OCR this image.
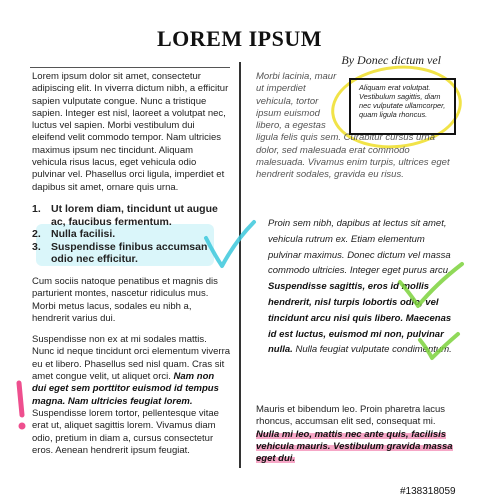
LOREM IPSUM
By Donec dictum vel

Lorem ipsum dolor sit amet, consectetur adipiscing elit. In viverra dictum nibh, a efficitur sapien vulputate congue. Nunc a tristique sapien. Integer est nisl, laoreet a volutpat nec, luctus vel sapien. Morbi vestibulum dui eleifend velit commodo tempor. Nam ultricies maximus ipsum nec tincidunt. Aliquam vehicula risus lacus, eget vehicula odio pulvinar vel. Phasellus orci ligula, imperdiet et dapibus sit amet, ornare quis urna.

1. Ut lorem diam, tincidunt ut augue ac, faucibus fermentum.
2. Nulla facilisi.
3. Suspendisse finibus accumsan odio nec efficitur.

Cum sociis natoque penatibus et magnis dis parturient montes, nascetur ridiculus mus. Morbi metus lacus, sodales eu nibh a, hendrerit varius dui.

Suspendisse non ex at mi sodales mattis. Nunc id neque tincidunt orci elementum viverra eu et libero. Phasellus sed nisl quam. Cras sit amet congue velit, ut aliquet orci. Nam non dui eget sem porttitor euismod id tempus magna. Nam ultricies feugiat lorem. Suspendisse lorem tortor, pellentesque vitae erat ut, aliquet sagittis lorem. Vivamus diam odio, pretium in diam a, cursus consectetur eros. Aenean hendrerit ipsum feugiat.

Morbi lacinia, maur
ut imperdiet
vehicula, tortor
ipsum euismod
libero, a egestas
ligula felis quis sem. Curabitur cursus urna dolor, sed malesuada erat commodo malesuada. Vivamus enim turpis, ultrices eget hendrerit sodales, gravida eu risus.
Aliquam erat volutpat. Vestibulum sagittis, diam nec vulputate ullamcorper, quam ligula rhoncus.
Proin sem nibh, dapibus at lectus sit amet, vehicula rutrum ex. Etiam elementum pulvinar maximus. Donec dictum vel massa commodo ultricies. Integer eget purus arcu. Suspendisse sagittis, eros id mollis hendrerit, nisl turpis lobortis odio, vel tincidunt arcu nisi quis libero. Maecenas id est luctus, euismod mi non, pulvinar nulla. Nulla feugiat vulputate condimentum.
Mauris et bibendum leo. Proin pharetra lacus rhoncus, accumsan elit sed, consequat mi. Nulla mi leo, mattis nec ante quis, facilisis vehicula mauris. Vestibulum gravida massa eget dui.
#138318059
